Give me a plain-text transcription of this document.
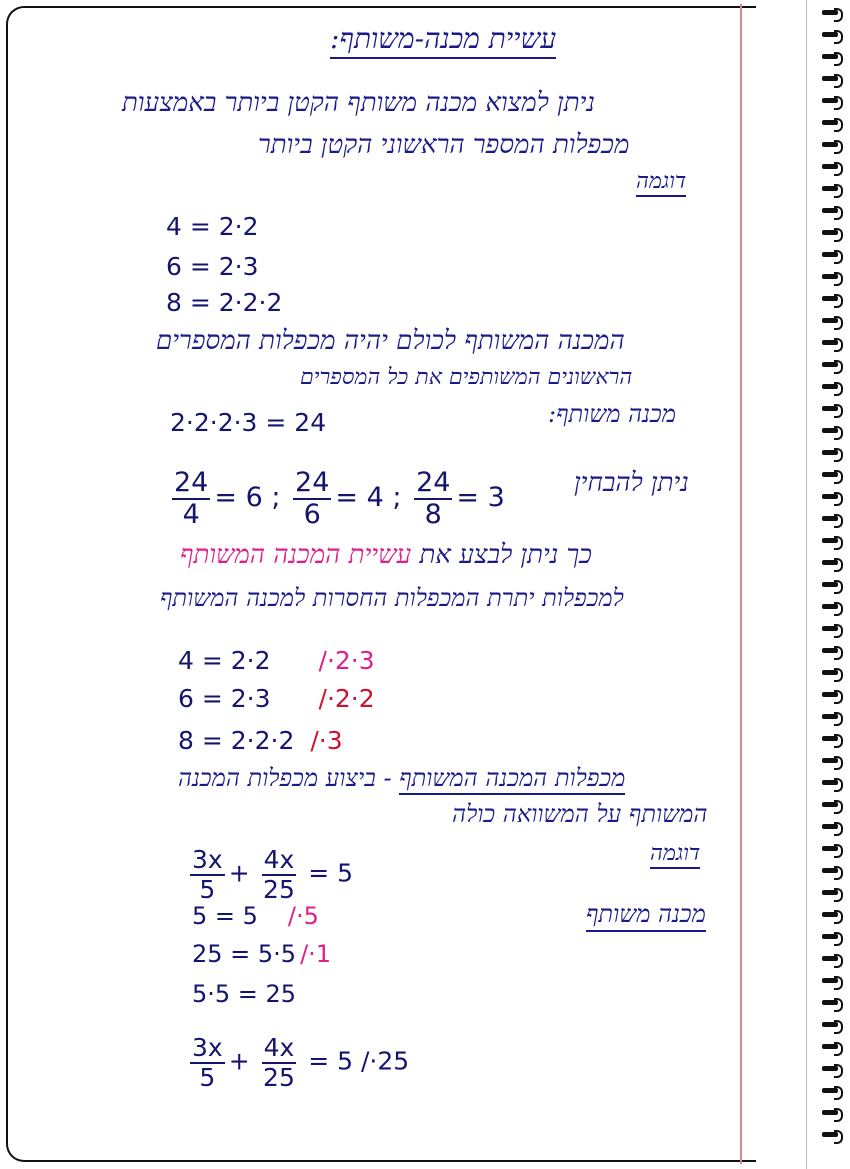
עשיית מכנה-משותף:
ניתן למצוא מכנה משותף הקטן ביותר באמצעות
מכפלות המספר הראשוני הקטן ביותר
דוגמה
4 = 2·2
6 = 2·3
8 = 2·2·2
המכנה המשותף לכולם יהיה מכפלות המספרים
הראשונים המשותפים את כל המספרים
2·2·2·3 = 24	מכנה משותף:
$\frac{24}{4} = 6$ ; $\frac{24}{6} = 4$ ; $\frac{24}{8} = 3$	ניתן להבחין
כך ניתן לבצע את עשיית המכנה המשותף
למכפלות יתרת המכפלות החסרות למכנה המשותף
4 = 2·2 /·2·3
6 = 2·3 /·2·2
8 = 2·2·2 /·3
מכפלות המכנה המשותף - ביצוע מכפלות המכנה
המשותף על המשוואה כולה
דוגמה
מכנה משותף
$\frac{3x}{5} + \frac{4x}{25} = 5$
5 = 5 /·5
25 = 5·5 /·1
5·5 = 25
$\frac{3x}{5} + \frac{4x}{25} = 5$ /·25
